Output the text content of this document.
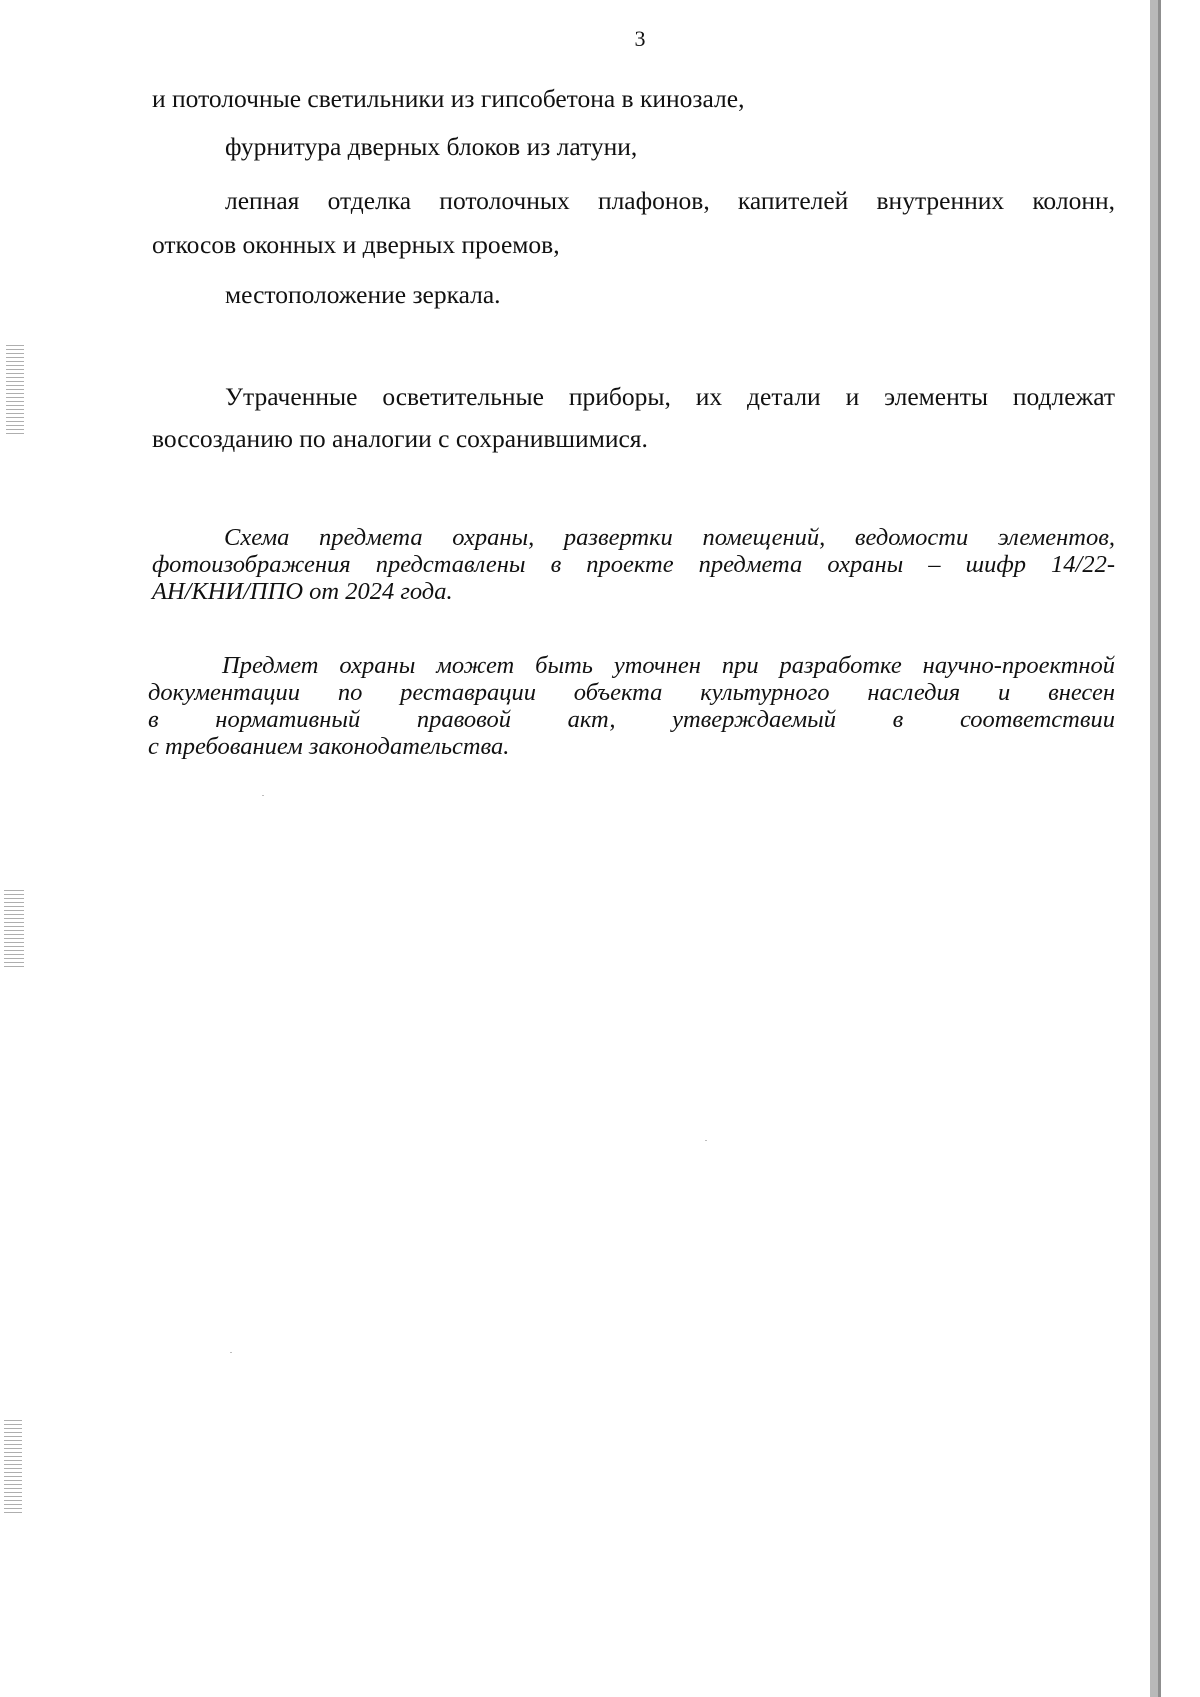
3
и потолочные светильники из гипсобетона в кинозале,
фурнитура дверных блоков из латуни,
лепная отделка потолочных плафонов, капителей внутренних колонн,
откосов оконных и дверных проемов,
местоположение зеркала.
Утраченные осветительные приборы, их детали и элементы подлежат
воссозданию по аналогии с сохранившимися.
Схема предмета охраны, развертки помещений, ведомости элементов,
фотоизображения представлены в проекте предмета охраны – шифр 14/22-
АН/КНИ/ППО от 2024 года.
Предмет охраны может быть уточнен при разработке научно-проектной
документации по реставрации объекта культурного наследия и внесен
в нормативный правовой акт, утверждаемый в соответствии
с требованием законодательства.
